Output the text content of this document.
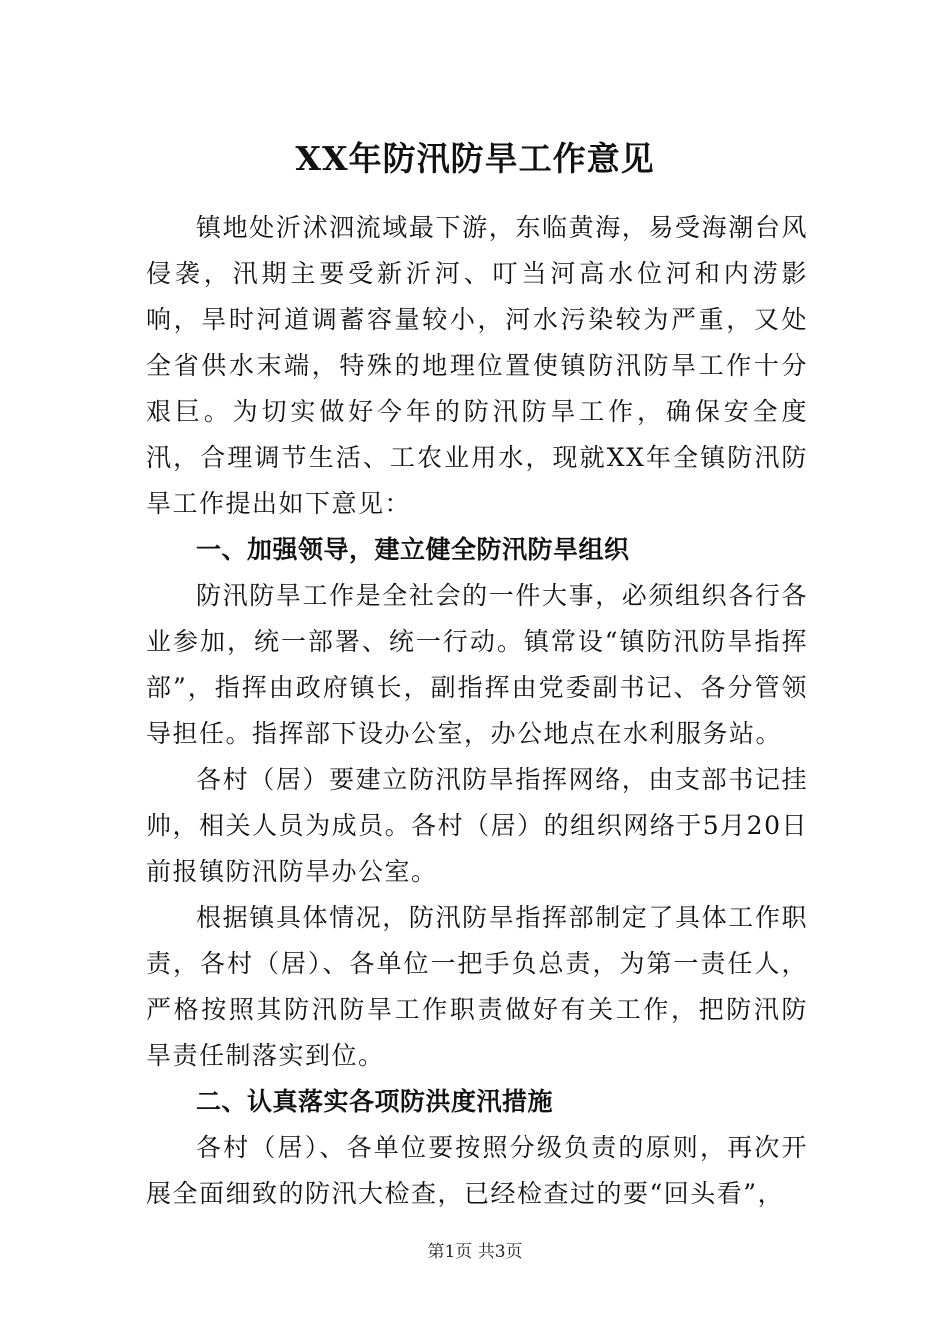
XX年防汛防旱工作意见

镇地处沂沭泗流域最下游，东临黄海，易受海潮台风侵袭，汛期主要受新沂河、叮当河高水位河和内涝影响，旱时河道调蓄容量较小，河水污染较为严重，又处全省供水末端，特殊的地理位置使镇防汛防旱工作十分艰巨。为切实做好今年的防汛防旱工作，确保安全度汛，合理调节生活、工农业用水，现就XX年全镇防汛防旱工作提出如下意见：

一、加强领导，建立健全防汛防旱组织

防汛防旱工作是全社会的一件大事，必须组织各行各业参加，统一部署、统一行动。镇常设“镇防汛防旱指挥部”，指挥由政府镇长，副指挥由党委副书记、各分管领导担任。指挥部下设办公室，办公地点在水利服务站。

各村（居）要建立防汛防旱指挥网络，由支部书记挂帅，相关人员为成员。各村（居）的组织网络于5月20日前报镇防汛防旱办公室。

根据镇具体情况，防汛防旱指挥部制定了具体工作职责，各村（居）、各单位一把手负总责，为第一责任人，严格按照其防汛防旱工作职责做好有关工作，把防汛防旱责任制落实到位。

二、认真落实各项防洪度汛措施

各村（居）、各单位要按照分级负责的原则，再次开展全面细致的防汛大检查，已经检查过的要“回头看”，

第1页 共3页
